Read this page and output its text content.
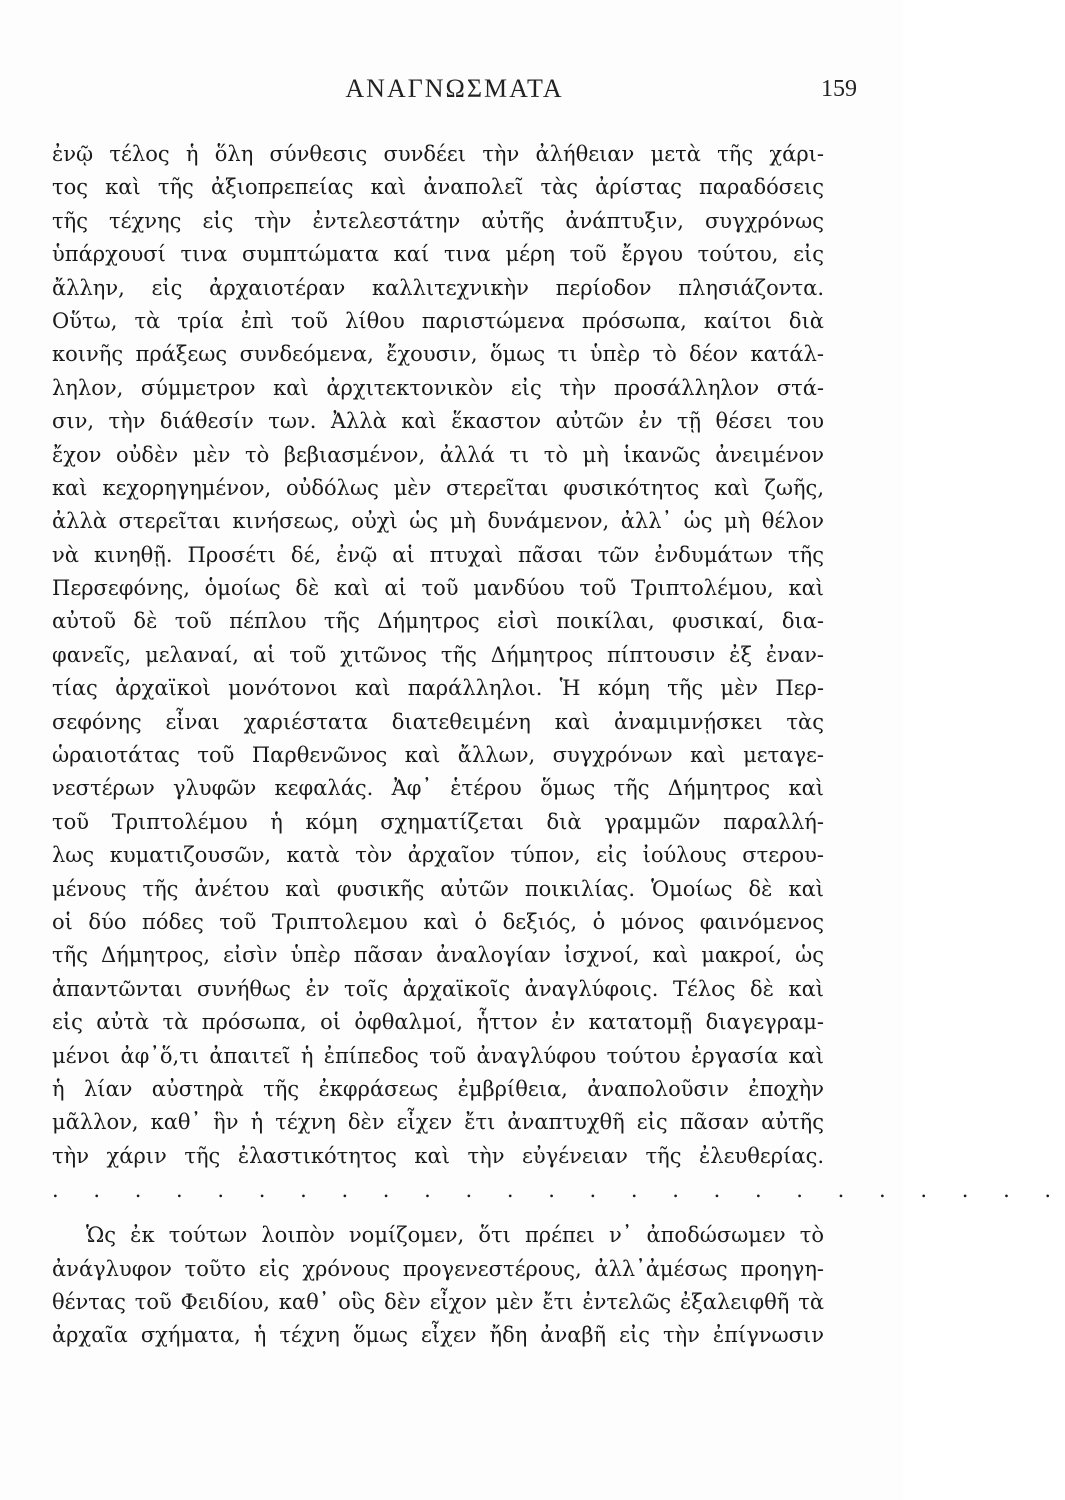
ΑΝΑΓΝΩΣΜΑΤΑ	159
ἐνῷ τέλος ἡ ὅλη σύνθεσις συνδέει τὴν ἀλήθειαν μετὰ τῆς χάρι-
τος καὶ τῆς ἀξιοπρεπείας καὶ ἀναπολεῖ τὰς ἀρίστας παραδόσεις
τῆς τέχνης εἰς τὴν ἐντελεστάτην αὐτῆς ἀνάπτυξιν, συγχρόνως
ὑπάρχουσί τινα συμπτώματα καί τινα μέρη τοῦ ἔργου τούτου, εἰς
ἄλλην, εἰς ἀρχαιοτέραν καλλιτεχνικὴν περίοδον πλησιάζοντα.
Οὕτω, τὰ τρία ἐπὶ τοῦ λίθου παριστώμενα πρόσωπα, καίτοι διὰ
κοινῆς πράξεως συνδεόμενα, ἔχουσιν, ὅμως τι ὑπὲρ τὸ δέον κατάλ-
ληλον, σύμμετρον καὶ ἀρχιτεκτονικὸν εἰς τὴν προσάλληλον στά-
σιν, τὴν διάθεσίν των. Ἀλλὰ καὶ ἕκαστον αὐτῶν ἐν τῇ θέσει του
ἔχον οὐδὲν μὲν τὸ βεβιασμένον, ἀλλά τι τὸ μὴ ἱκανῶς ἀνειμένον
καὶ κεχορηγημένον, οὐδόλως μὲν στερεῖται φυσικότητος καὶ ζωῆς,
ἀλλὰ στερεῖται κινήσεως, οὐχὶ ὡς μὴ δυνάμενον, ἀλλ᾽ ὡς μὴ θέλον
νὰ κινηθῇ. Προσέτι δέ, ἐνῷ αἱ πτυχαὶ πᾶσαι τῶν ἐνδυμάτων τῆς
Περσεφόνης, ὁμοίως δὲ καὶ αἱ τοῦ μανδύου τοῦ Τριπτολέμου, καὶ
αὐτοῦ δὲ τοῦ πέπλου τῆς Δήμητρος εἰσὶ ποικίλαι, φυσικαί, δια-
φανεῖς, μελαναί, αἱ τοῦ χιτῶνος τῆς Δήμητρος πίπτουσιν ἐξ ἐναν-
τίας ἀρχαϊκοὶ μονότονοι καὶ παράλληλοι. Ἡ κόμη τῆς μὲν Περ-
σεφόνης εἶναι χαριέστατα διατεθειμένη καὶ ἀναμιμνῄσκει τὰς
ὡραιοτάτας τοῦ Παρθενῶνος καὶ ἄλλων, συγχρόνων καὶ μεταγε-
νεστέρων γλυφῶν κεφαλάς. Ἀφ᾽ ἑτέρου ὅμως τῆς Δήμητρος καὶ
τοῦ Τριπτολέμου ἡ κόμη σχηματίζεται διὰ γραμμῶν παραλλή-
λως κυματιζουσῶν, κατὰ τὸν ἀρχαῖον τύπον, εἰς ἰούλους στερου-
μένους τῆς ἀνέτου καὶ φυσικῆς αὐτῶν ποικιλίας. Ὁμοίως δὲ καὶ
οἱ δύο πόδες τοῦ Τριπτολεμου καὶ ὁ δεξιός, ὁ μόνος φαινόμενος
τῆς Δήμητρος, εἰσὶν ὑπὲρ πᾶσαν ἀναλογίαν ἰσχνοί, καὶ μακροί, ὡς
ἀπαντῶνται συνήθως ἐν τοῖς ἀρχαϊκοῖς ἀναγλύφοις. Τέλος δὲ καὶ
εἰς αὐτὰ τὰ πρόσωπα, οἱ ὀφθαλμοί, ἧττον ἐν κατατομῇ διαγεγραμ-
μένοι ἀφ᾽ὅ,τι ἀπαιτεῖ ἡ ἐπίπεδος τοῦ ἀναγλύφου τούτου ἐργασία καὶ
ἡ λίαν αὐστηρὰ τῆς ἐκφράσεως ἐμβρίθεια, ἀναπολοῦσιν ἐποχὴν
μᾶλλον, καθ᾽ ἣν ἡ τέχνη δὲν εἶχεν ἔτι ἀναπτυχθῆ εἰς πᾶσαν αὐτῆς
τὴν χάριν τῆς ἐλαστικότητος καὶ τὴν εὐγένειαν τῆς ἐλευθερίας.
. . . . . . . . . . . . . . . . . . . . . . . . .
Ὡς ἐκ τούτων λοιπὸν νομίζομεν, ὅτι πρέπει ν᾽ ἀποδώσωμεν τὸ
ἀνάγλυφον τοῦτο εἰς χρόνους προγενεστέρους, ἀλλ᾽ἀμέσως προηγη-
θέντας τοῦ Φειδίου, καθ᾽ οὓς δὲν εἶχον μὲν ἔτι ἐντελῶς ἐξαλειφθῆ τὰ
ἀρχαῖα σχήματα, ἡ τέχνη ὅμως εἶχεν ἤδη ἀναβῆ εἰς τὴν ἐπίγνωσιν
